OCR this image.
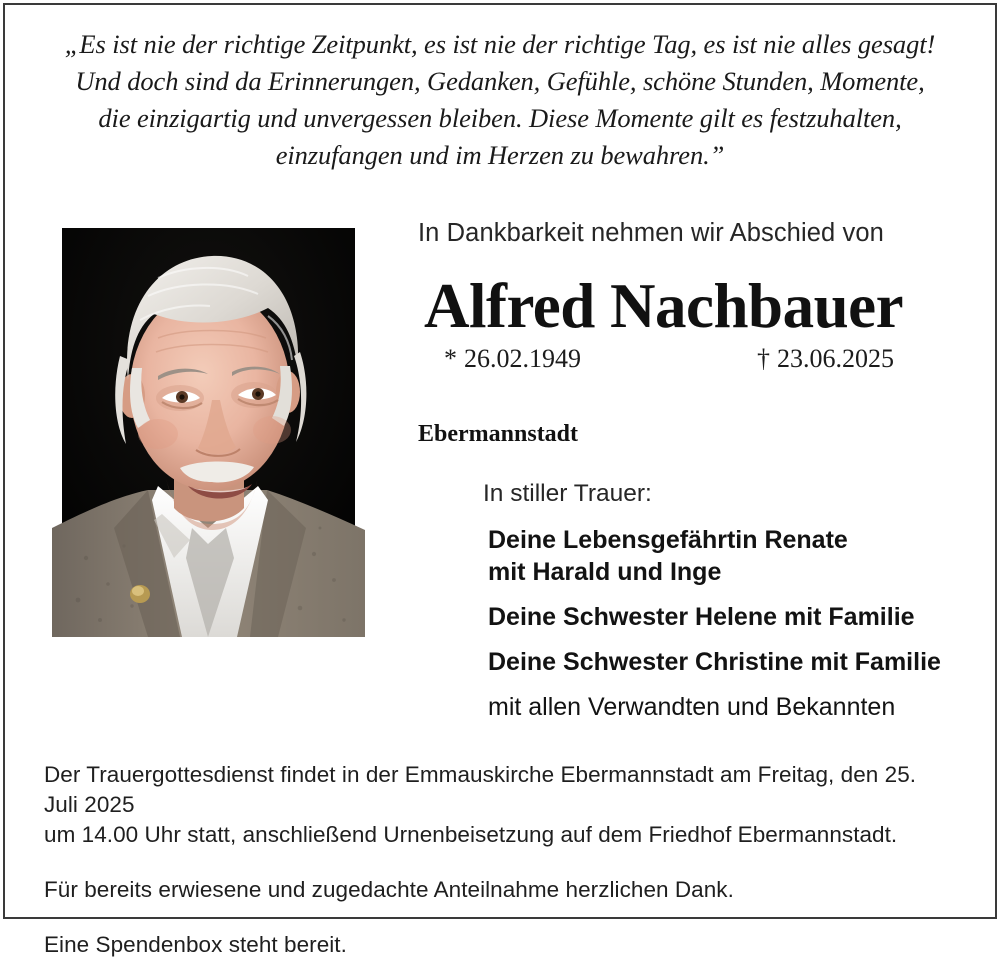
„Es ist nie der richtige Zeitpunkt, es ist nie der richtige Tag, es ist nie alles gesagt!
Und doch sind da Erinnerungen, Gedanken, Gefühle, schöne Stunden, Momente,
die einzigartig und unvergessen bleiben. Diese Momente gilt es festzuhalten,
einzufangen und im Herzen zu bewahren.”
In Dankbarkeit nehmen wir Abschied von
Alfred Nachbauer
* 26.02.1949	† 23.06.2025
Ebermannstadt
In stiller Trauer:
Deine Lebensgefährtin Renate
mit Harald und Inge
Deine Schwester Helene mit Familie
Deine Schwester Christine mit Familie
mit allen Verwandten und Bekannten

Der Trauergottesdienst findet in der Emmauskirche Ebermannstadt am Freitag, den 25. Juli 2025
um 14.00 Uhr statt, anschließend Urnenbeisetzung auf dem Friedhof Ebermannstadt.

Für bereits erwiesene und zugedachte Anteilnahme herzlichen Dank.

Eine Spendenbox steht bereit.
